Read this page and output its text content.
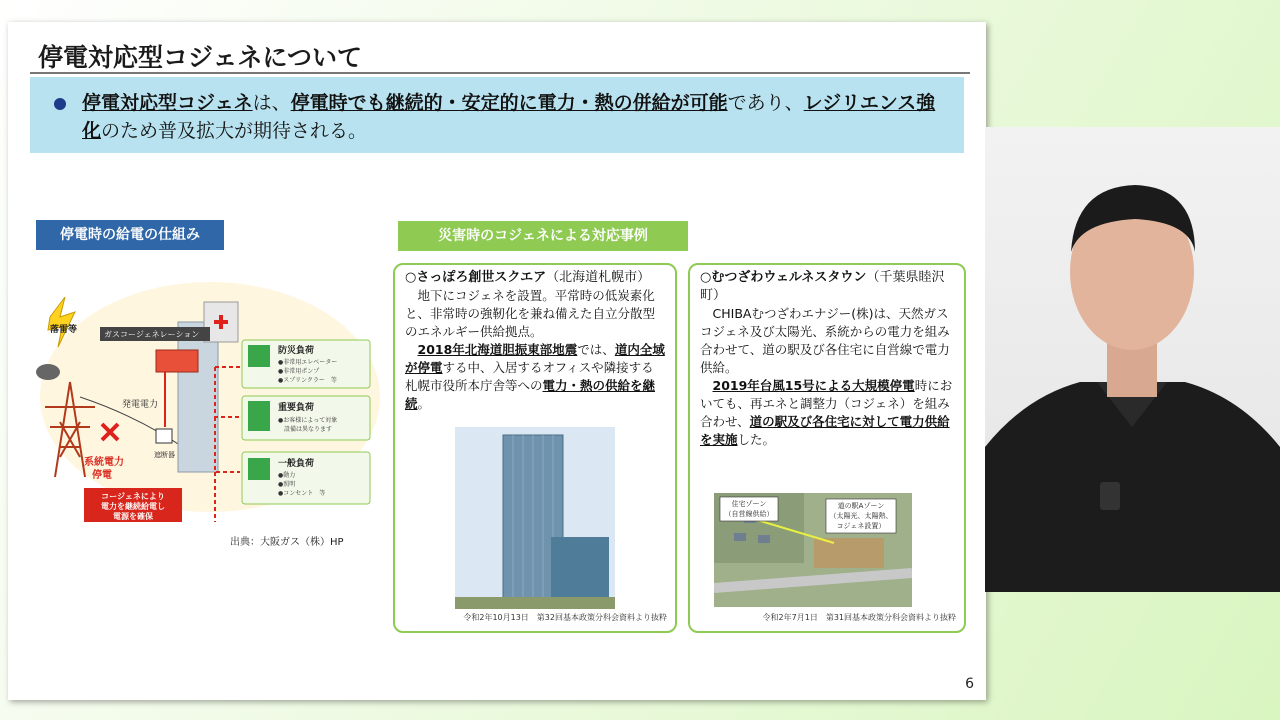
停電対応型コジェネについて
停電対応型コジェネは、停電時でも継続的・安定的に電力・熱の併給が可能であり、レジリエンス強化のため普及拡大が期待される。
停電時の給電の仕組み	災害時のコジェネによる対応事例
落雷等
系統電力
停電
ガスコージェネレーション
発電電力
遮断器
防災負荷
●非常用エレベーター
●非常用ポンプ
●スプリンクラー　等
重要負荷
●お客様によって対象
　設備は異なります
一般負荷
●動力
●照明
●コンセント　等
コージェネにより
電力を継続給電し
電源を確保
出典：大阪ガス（株）HP
○さっぽろ創世スクエア（北海道札幌市）

地下にコジェネを設置。平常時の低炭素化と、非常時の強靭化を兼ね備えた自立分散型のエネルギー供給拠点。

2018年北海道胆振東部地震では、道内全域が停電する中、入居するオフィスや隣接する札幌市役所本庁舎等への電力・熱の供給を継続。

令和2年10月13日　第32回基本政策分科会資料より抜粋
○むつざわウェルネスタウン（千葉県睦沢町）

CHIBAむつざわエナジー(株)は、天然ガスコジェネ及び太陽光、系統からの電力を組み合わせて、道の駅及び各住宅に自営線で電力供給。

2019年台風15号による大規模停電時においても、再エネと調整力（コジェネ）を組み合わせ、道の駅及び各住宅に対して電力供給を実施した。

住宅ゾーン
（自営線供給）
道の駅Aゾーン
（太陽光、太陽熱、
コジェネ設置）
令和2年7月1日　第31回基本政策分科会資料より抜粋
6
